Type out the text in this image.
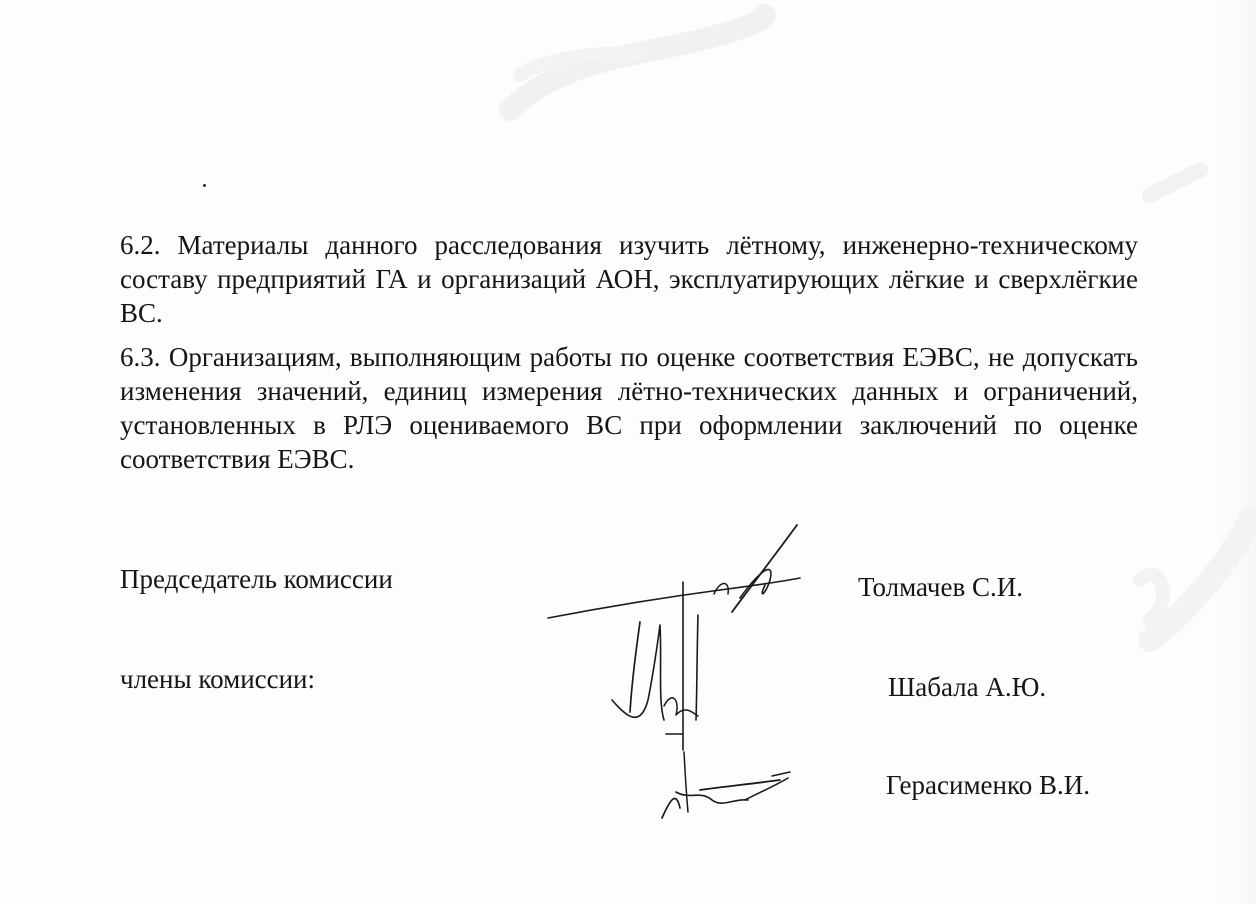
6.2. Материалы данного расследования изучить лётному, инженерно-техническому составу предприятий ГА и организаций АОН, эксплуатирующих лёгкие и сверхлёгкие ВС.

6.3. Организациям, выполняющим работы по оценке соответствия ЕЭВС, не допускать изменения значений, единиц измерения лётно-технических данных и ограничений, установленных в РЛЭ оцениваемого ВС при оформлении заключений по оценке соответствия ЕЭВС.

Председатель комиссии

члены комиссии:

Толмачев С.И.

Шабала А.Ю.

Герасименко В.И.
